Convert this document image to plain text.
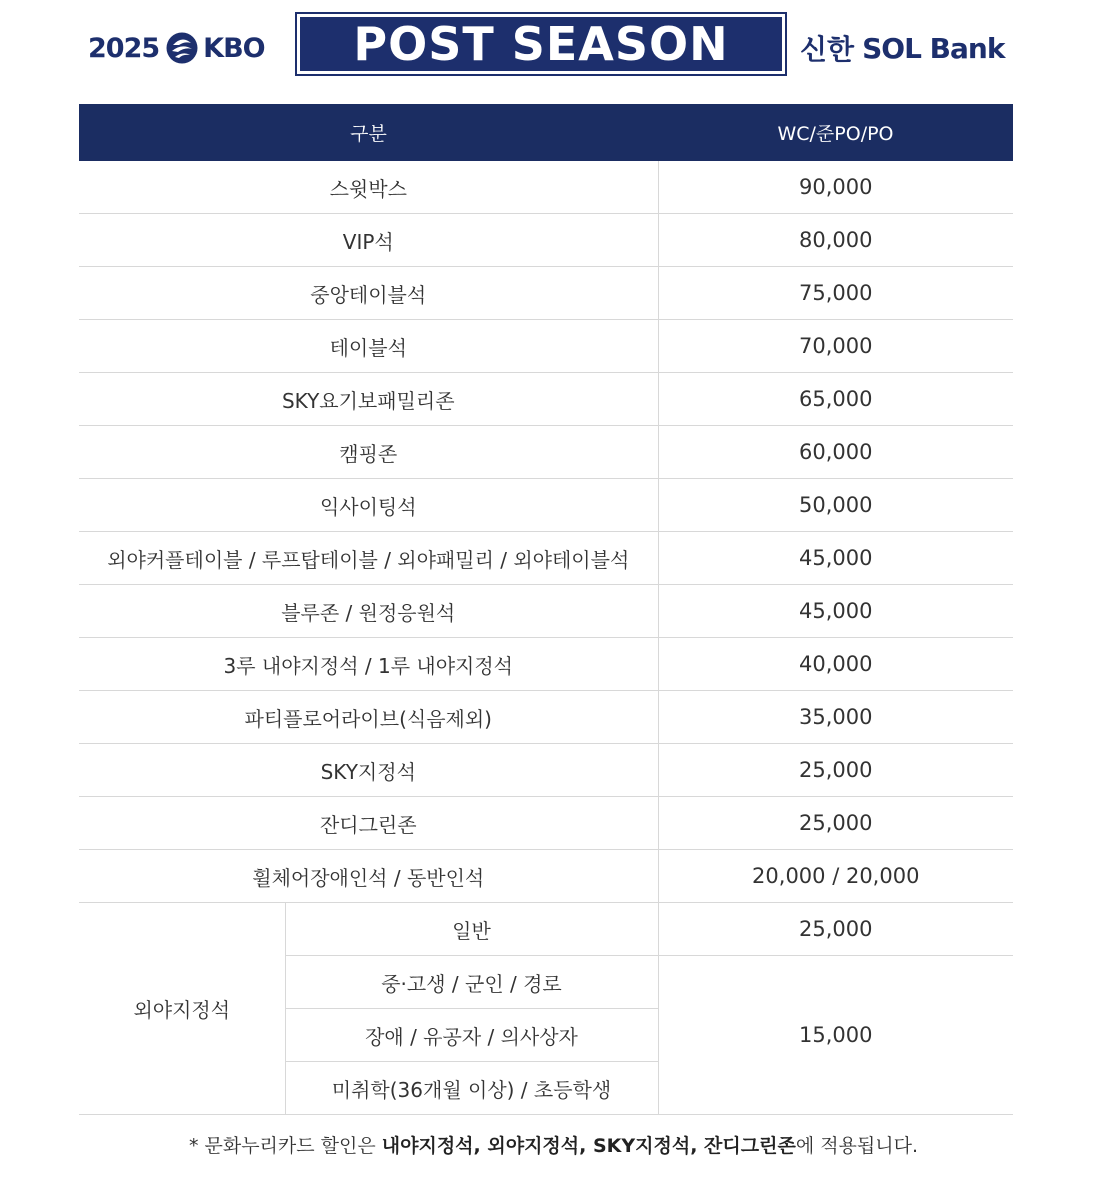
2025 KBO	POST SEASON	신한 SOL Bank
구분		WC/준PO/PO
스윗박스		90,000
VIP석		80,000
중앙테이블석		75,000
테이블석		70,000
SKY요기보패밀리존		65,000
캠핑존		60,000
익사이팅석		50,000
외야커플테이블 / 루프탑테이블 / 외야패밀리 / 외야테이블석		45,000
블루존 / 원정응원석		45,000
3루 내야지정석 / 1루 내야지정석		40,000
파티플로어라이브(식음제외)		35,000
SKY지정석		25,000
잔디그린존		25,000
휠체어장애인석 / 동반인석		20,000 / 20,000
외야지정석	일반	25,000
	중·고생 / 군인 / 경로	15,000
	장애 / 유공자 / 의사상자	
	미취학(36개월 이상) / 초등학생	
* 문화누리카드 할인은 내야지정석, 외야지정석, SKY지정석, 잔디그린존에 적용됩니다.
